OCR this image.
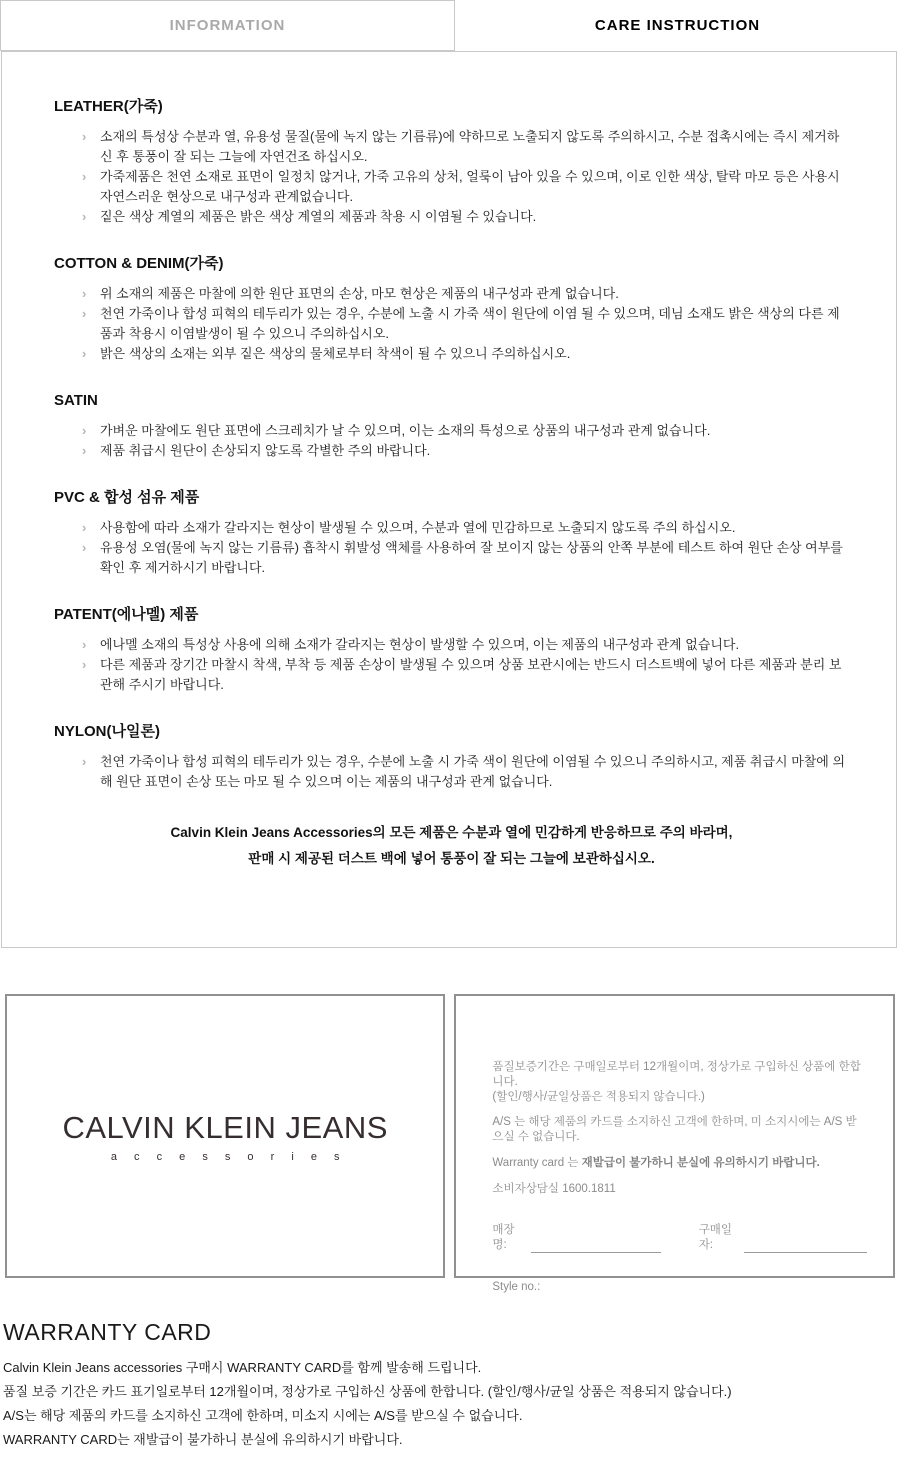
INFORMATION	CARE INSTRUCTION
LEATHER(가죽)
›	소재의 특성상 수분과 열, 유용성 물질(물에 녹지 않는 기름류)에 약하므로 노출되지 않도록 주의하시고, 수분 접촉시에는 즉시 제거하신 후 통풍이 잘 되는 그늘에 자연건조 하십시오.
›	가죽제품은 천연 소재로 표면이 일정치 않거나, 가죽 고유의 상처, 얼룩이 남아 있을 수 있으며, 이로 인한 색상, 탈락 마모 등은 사용시 자연스러운 현상으로 내구성과 관계없습니다.
›	짙은 색상 계열의 제품은 밝은 색상 계열의 제품과 착용 시 이염될 수 있습니다.
COTTON & DENIM(가죽)
›	위 소재의 제품은 마찰에 의한 원단 표면의 손상, 마모 현상은 제품의 내구성과 관계 없습니다.
›	천연 가죽이나 합성 피혁의 테두리가 있는 경우, 수분에 노출 시 가죽 색이 원단에 이염 될 수 있으며, 데님 소재도 밝은 색상의 다른 제품과 착용시 이염발생이 될 수 있으니 주의하십시오.
›	밝은 색상의 소재는 외부 짙은 색상의 물체로부터 착색이 될 수 있으니 주의하십시오.
SATIN
›	가벼운 마찰에도 원단 표면에 스크레치가 날 수 있으며, 이는 소재의 특성으로 상품의 내구성과 관계 없습니다.
›	제품 취급시 원단이 손상되지 않도록 각별한 주의 바랍니다.
PVC & 합성 섬유 제품
›	사용함에 따라 소재가 갈라지는 현상이 발생될 수 있으며, 수분과 열에 민감하므로 노출되지 않도록 주의 하십시오.
›	유용성 오염(물에 녹지 않는 기름류) 흡착시 휘발성 액체를 사용하여 잘 보이지 않는 상품의 안쪽 부분에 테스트 하여 원단 손상 여부를 확인 후 제거하시기 바랍니다.
PATENT(에나멜) 제품
›	에나멜 소재의 특성상 사용에 의해 소재가 갈라지는 현상이 발생할 수 있으며, 이는 제품의 내구성과 관계 없습니다.
›	다른 제품과 장기간 마찰시 착색, 부착 등 제품 손상이 발생될 수 있으며 상품 보관시에는 반드시 더스트백에 넣어 다른 제품과 분리 보관해 주시기 바랍니다.
NYLON(나일론)
›	천연 가죽이나 합성 피혁의 테두리가 있는 경우, 수분에 노출 시 가죽 색이 원단에 이염될 수 있으니 주의하시고, 제품 취급시 마찰에 의해 원단 표면이 손상 또는 마모 될 수 있으며 이는 제품의 내구성과 관계 없습니다.
Calvin Klein Jeans Accessories의 모든 제품은 수분과 열에 민감하게 반응하므로 주의 바라며,
판매 시 제공된 더스트 백에 넣어 통풍이 잘 되는 그늘에 보관하십시오.
CALVIN KLEIN JEANS
a c c e s s o r i e s

품질보증기간은 구매일로부터 12개월이며, 정상가로 구입하신 상품에 한합니다.
(할인/행사/균일상품은 적용되지 않습니다.)

A/S 는 해당 제품의 카드를 소지하신 고객에 한하며, 미 소지시에는 A/S 받으실 수 없습니다.

Warranty card 는 재발급이 불가하니 분실에 유의하시기 바랍니다.

소비자상담실 1600.1811

매장명:
구매일자:
Style no.:
WARRANTY CARD

Calvin Klein Jeans accessories 구매시 WARRANTY CARD를 함께 발송해 드립니다.

품질 보증 기간은 카드 표기일로부터 12개월이며, 정상가로 구입하신 상품에 한합니다. (할인/행사/균일 상품은 적용되지 않습니다.)

A/S는 해당 제품의 카드를 소지하신 고객에 한하며, 미소지 시에는 A/S를 받으실 수 없습니다.

WARRANTY CARD는 재발급이 불가하니 분실에 유의하시기 바랍니다.
